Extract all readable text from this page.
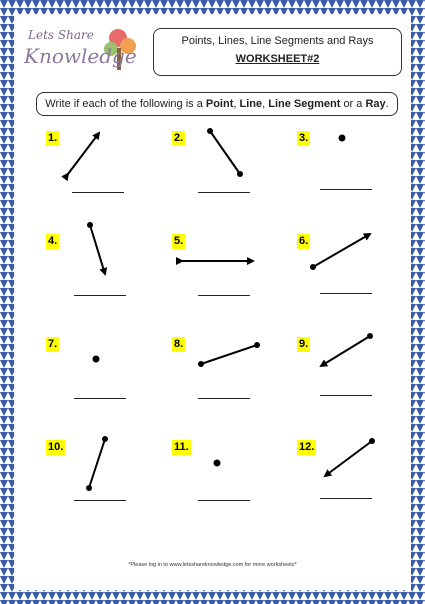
Lets Share
Knowledge
Points, Lines, Line Segments and Rays
WORKSHEET#2
Write if each of the following is a Point, Line, Line Segment or a Ray.
1.	2.	3.
4.	5.	6.
7.	8.	9.
10.	11.	12.
*Please log in to www.letsshareknowledge.com for more worksheets*
